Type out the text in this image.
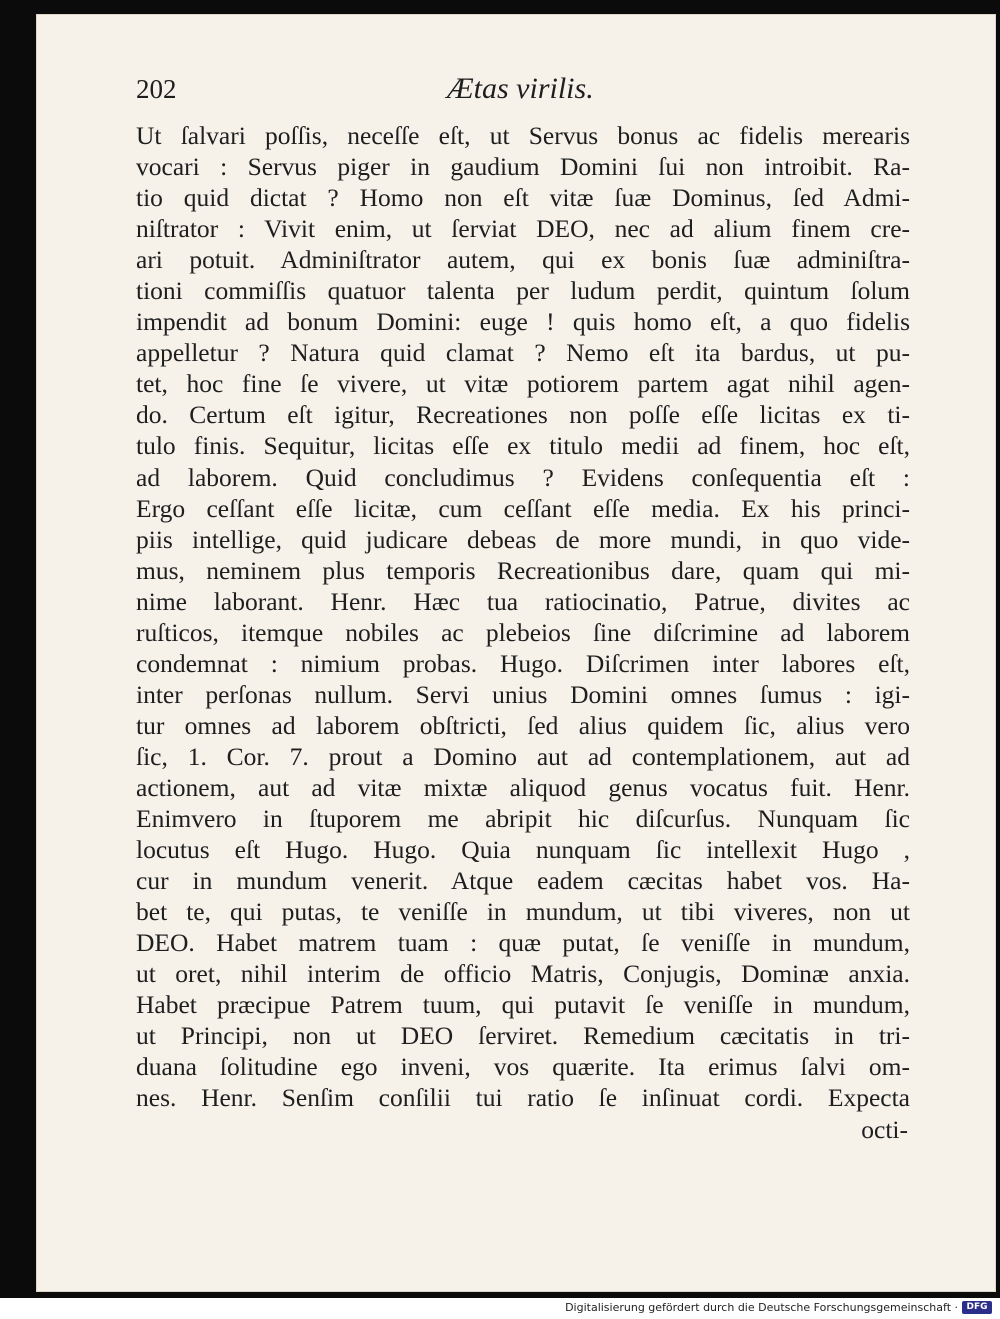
202	Ætas virilis.
Ut ſalvari poſſis, neceſſe eſt, ut Servus bonus ac fidelis merearis
vocari : Servus piger in gaudium Domini ſui non introibit. Ra-
tio quid dictat ? Homo non eſt vitæ ſuæ Dominus, ſed Admi-
niſtrator : Vivit enim, ut ſerviat DEO, nec ad alium finem cre-
ari potuit. Adminiſtrator autem, qui ex bonis ſuæ adminiſtra-
tioni commiſſis quatuor talenta per ludum perdit, quintum ſolum
impendit ad bonum Domini: euge ! quis homo eſt, a quo fidelis
appelletur ? Natura quid clamat ? Nemo eſt ita bardus, ut pu-
tet, hoc fine ſe vivere, ut vitæ potiorem partem agat nihil agen-
do. Certum eſt igitur, Recreationes non poſſe eſſe licitas ex ti-
tulo finis. Sequitur, licitas eſſe ex titulo medii ad finem, hoc eſt,
ad laborem. Quid concludimus ? Evidens conſequentia eſt :
Ergo ceſſant eſſe licitæ, cum ceſſant eſſe media. Ex his princi-
piis intellige, quid judicare debeas de more mundi, in quo vide-
mus, neminem plus temporis Recreationibus dare, quam qui mi-
nime laborant. Henr. Hæc tua ratiocinatio, Patrue, divites ac
ruſticos, itemque nobiles ac plebeios ſine diſcrimine ad laborem
condemnat : nimium probas. Hugo. Diſcrimen inter labores eſt,
inter perſonas nullum. Servi unius Domini omnes ſumus : igi-
tur omnes ad laborem obſtricti, ſed alius quidem ſic, alius vero
ſic, 1. Cor. 7. prout a Domino aut ad contemplationem, aut ad
actionem, aut ad vitæ mixtæ aliquod genus vocatus fuit. Henr.
Enimvero in ſtuporem me abripit hic diſcurſus. Nunquam ſic
locutus eſt Hugo. Hugo. Quia nunquam ſic intellexit Hugo ,
cur in mundum venerit. Atque eadem cæcitas habet vos. Ha-
bet te, qui putas, te veniſſe in mundum, ut tibi viveres, non ut
DEO. Habet matrem tuam : quæ putat, ſe veniſſe in mundum,
ut oret, nihil interim de officio Matris, Conjugis, Dominæ anxia.
Habet præcipue Patrem tuum, qui putavit ſe veniſſe in mundum,
ut Principi, non ut DEO ſerviret. Remedium cæcitatis in tri-
duana ſolitudine ego inveni, vos quærite. Ita erimus ſalvi om-
nes. Henr. Senſim conſilii tui ratio ſe inſinuat cordi. Expecta
octi-
Digitalisierung gefördert durch die Deutsche Forschungsgemeinschaft · DFG
